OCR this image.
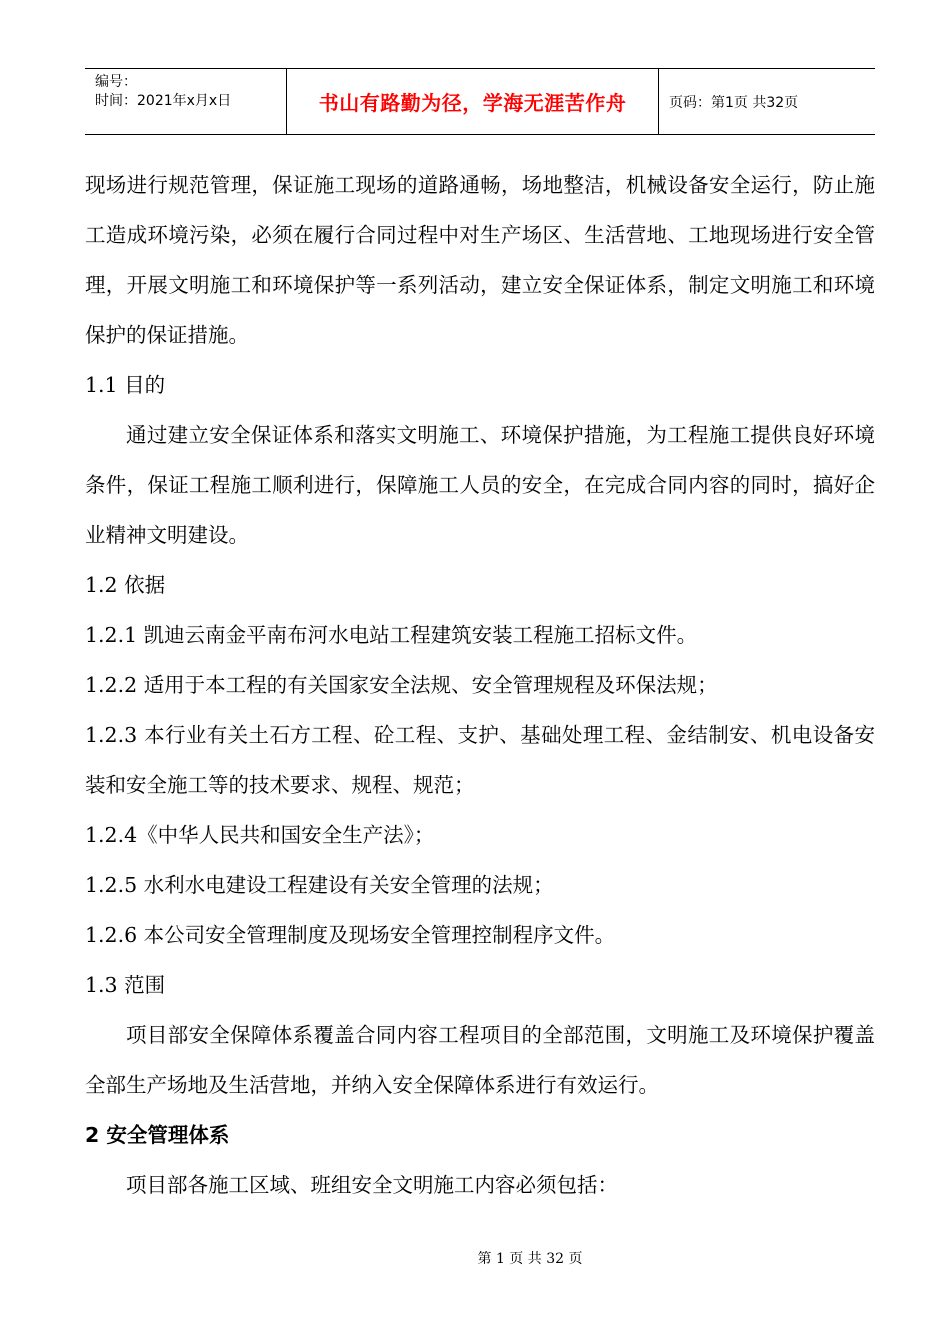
编号：
时间：2021年x月x日	书山有路勤为径，学海无涯苦作舟	页码：第1页 共32页

现场进行规范管理，保证施工现场的道路通畅，场地整洁，机械设备安全运行，防止施工造成环境污染，必须在履行合同过程中对生产场区、生活营地、工地现场进行安全管理，开展文明施工和环境保护等一系列活动，建立安全保证体系，制定文明施工和环境保护的保证措施。

1.1 目的

通过建立安全保证体系和落实文明施工、环境保护措施，为工程施工提供良好环境条件，保证工程施工顺利进行，保障施工人员的安全，在完成合同内容的同时，搞好企业精神文明建设。

1.2 依据

1.2.1 凯迪云南金平南布河水电站工程建筑安装工程施工招标文件。

1.2.2 适用于本工程的有关国家安全法规、安全管理规程及环保法规；

1.2.3 本行业有关土石方工程、砼工程、支护、基础处理工程、金结制安、机电设备安装和安全施工等的技术要求、规程、规范；

1.2.4《中华人民共和国安全生产法》；

1.2.5 水利水电建设工程建设有关安全管理的法规；

1.2.6 本公司安全管理制度及现场安全管理控制程序文件。

1.3 范围

项目部安全保障体系覆盖合同内容工程项目的全部范围，文明施工及环境保护覆盖全部生产场地及生活营地，并纳入安全保障体系进行有效运行。

2 安全管理体系

项目部各施工区域、班组安全文明施工内容必须包括：

第 1 页 共 32 页
